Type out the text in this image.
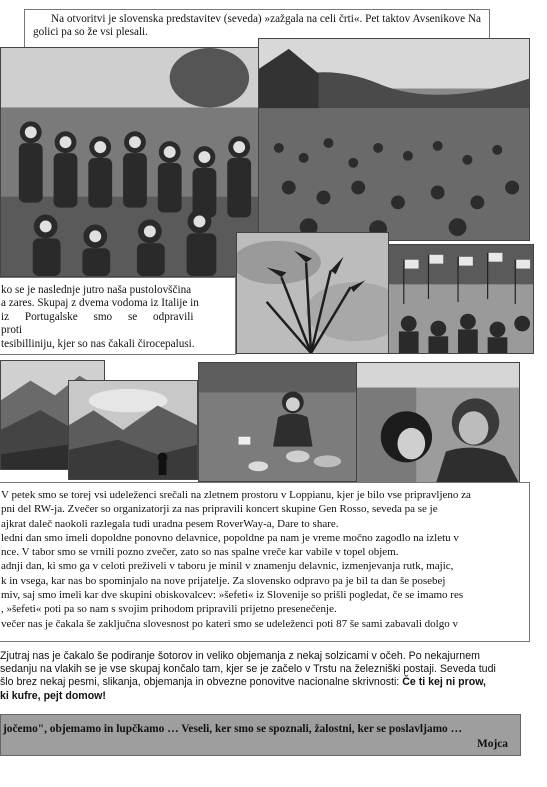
Na otvoritvi je slovenska predstavitev (seveda) »zažgala na celi črti«. Pet taktov Avsenikove Na golici pa so že vsi plesali.

ko se je naslednje jutro naša pustolovščina
a zares. Skupaj z dvema vodoma iz Italije in
iz Portugalske smo se odpravili proti
tesibilliniju, kjer so nas čakali čirocepalusi.

V petek smo se torej vsi udeleženci srečali na zletnem prostoru v Loppianu, kjer je bilo vse pripravljeno za

pni del RW-ja. Zvečer so organizatorji za nas pripravili koncert skupine Gen Rosso, seveda pa se je

ajkrat daleč naokoli razlegala tudi uradna pesem RoverWay-a, Dare to share.

ledni dan smo imeli dopoldne ponovno delavnice, popoldne pa nam je vreme močno zagodlo na izletu v

nce. V tabor smo se vrnili pozno zvečer, zato so nas spalne vreče kar vabile v topel objem.

adnji dan, ki smo ga v celoti preživeli v taboru je minil v znamenju delavnic, izmenjevanja rutk, majic,

k in vsega, kar nas bo spominjalo na nove prijatelje. Za slovensko odpravo pa je bil ta dan še posebej

miv, saj smo imeli kar dve skupini obiskovalcev: »šefeti« iz Slovenije so prišli pogledat, če se imamo res

, »šefeti« poti pa so nam s svojim prihodom pripravili prijetno presenečenje.

večer nas je čakala še zaključna slovesnost po kateri smo se udeleženci poti 87 še sami zabavali dolgo v

Zjutraj nas je čakalo še podiranje šotorov in veliko objemanja z nekaj solzicami v očeh. Po nekajurnem
sedanju na vlakih se je vse skupaj končalo tam, kjer se je začelo v Trstu na železniški postaji. Seveda tudi
šlo brez nekaj pesmi, slikanja, objemanja in obvezne ponovitve nacionalne skrivnosti: Če ti kej ni prow,
ki kufre, pejt domow!
jočemo", objemamo in lupčkamo … Veseli, ker smo se spoznali, žalostni, ker se poslavljamo …
Mojca
